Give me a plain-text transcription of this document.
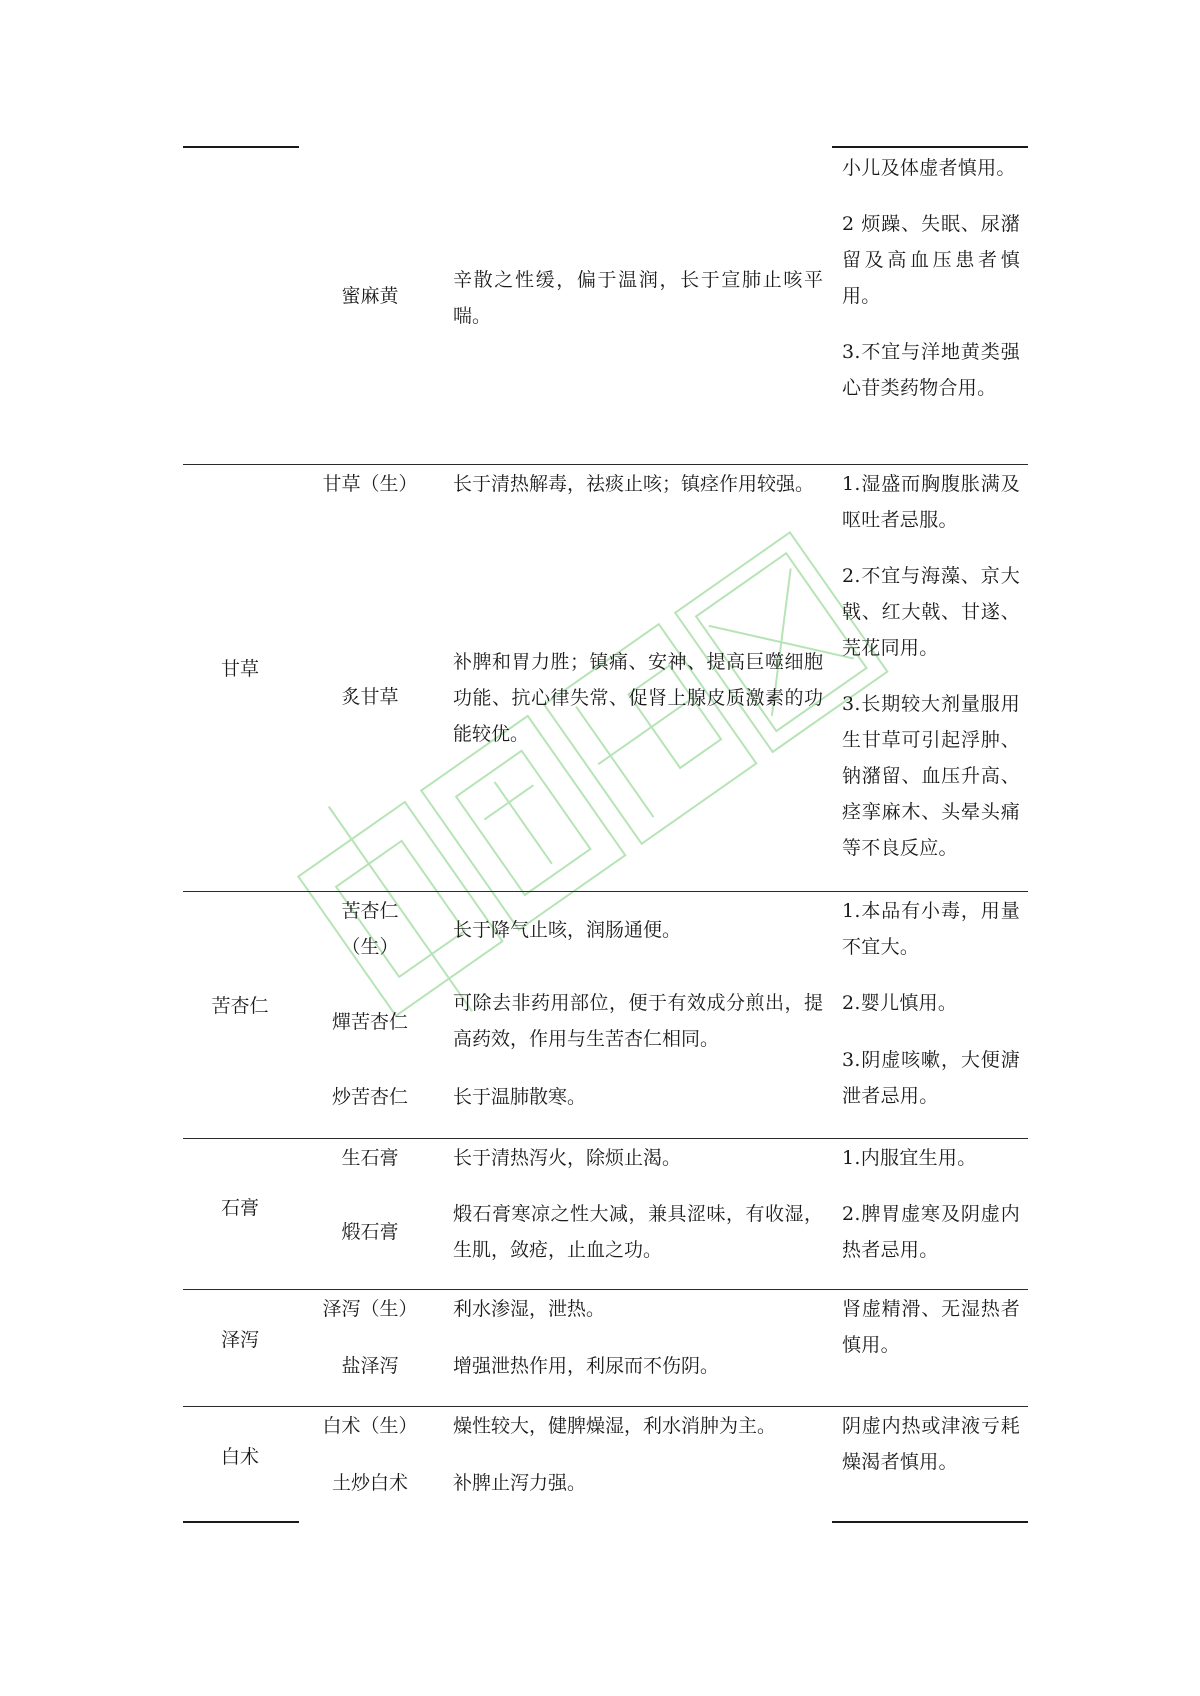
小儿及体虚者慎用。
2 烦躁、失眠、尿潴留及高血压患者慎用。
3.不宜与洋地黄类强心苷类药物合用。
蜜麻黄
辛散之性缓，偏于温润，长于宣肺止咳平喘。
甘草
甘草（生）
炙甘草
长于清热解毒，祛痰止咳；镇痉作用较强。
补脾和胃力胜；镇痛、安神、提高巨噬细胞功能、抗心律失常、促肾上腺皮质激素的功能较优。
1.湿盛而胸腹胀满及呕吐者忌服。
2.不宜与海藻、京大戟、红大戟、甘遂、芫花同用。
3.长期较大剂量服用生甘草可引起浮肿、钠潴留、血压升高、痉挛麻木、头晕头痛等不良反应。
苦杏仁
苦杏仁（生）
燀苦杏仁
炒苦杏仁
长于降气止咳，润肠通便。
可除去非药用部位，便于有效成分煎出，提高药效，作用与生苦杏仁相同。
长于温肺散寒。
1.本品有小毒，用量不宜大。
2.婴儿慎用。
3.阴虚咳嗽，大便溏泄者忌用。
石膏
生石膏
煅石膏
长于清热泻火，除烦止渴。
煅石膏寒凉之性大减，兼具涩味，有收湿，生肌，敛疮，止血之功。
1.内服宜生用。
2.脾胃虚寒及阴虚内热者忌用。
泽泻
泽泻（生）
盐泽泻
利水渗湿，泄热。
增强泄热作用，利尿而不伤阴。
肾虚精滑、无湿热者慎用。
白术
白术（生）
土炒白术
燥性较大，健脾燥湿，利水消肿为主。
补脾止泻力强。
阴虚内热或津液亏耗燥渴者慎用。
